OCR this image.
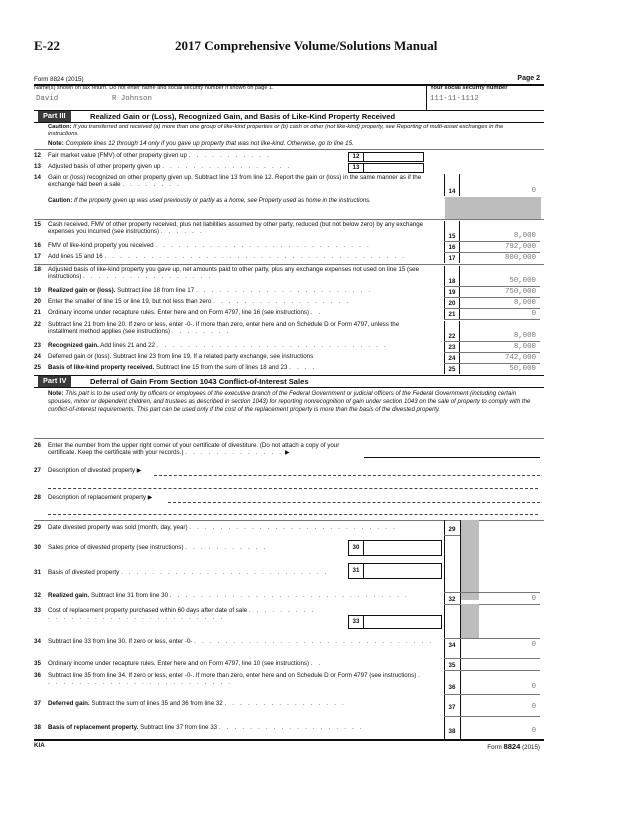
E-22	2017 Comprehensive Volume/Solutions Manual
Form 8824 (2015)	Page 2
Name(s) shown on tax return. Do not enter name and social security number if shown on page 1.	Your social security number
David	R Johnson	111-11-1112
Part III	Realized Gain or (Loss), Recognized Gain, and Basis of Like-Kind Property Received
Caution: If you transferred and received (a) more than one group of like-kind properties or (b) cash or other (not like-kind) property, see Reporting of multi-asset exchanges in the instructions.
Note: Complete lines 12 through 14 only if you gave up property that was not like-kind. Otherwise, go to line 15.
12	Fair market value (FMV) of other property given up . . . . . . . . . . .	12
13	Adjusted basis of other property given up . . . . . . . . . . . . . . . . .	13
14	Gain or (loss) recognized on other property given up. Subtract line 13 from line 12. Report the gain or (loss) in the same manner as if the exchange had been a sale . . . . . . . .
14	0
Caution: If the property given up was used previously or partly as a home, see Property used as home in the instructions.
15	Cash received, FMV of other property received, plus net liabilities assumed by other party, reduced (but not below zero) by any exchange expenses you incurred (see instructions) . . . . . .
15	8,000
16	FMV of like-kind property you received . . . . . . . . . . . . . . . . . . . . . . . . . . . .	16	792,000
17	Add lines 15 and 16 . . . . . . . . . . . . . . . . . . . . . . . . . . . . . . . . . . . . . . .	17	800,000
18	Adjusted basis of like-kind property you gave up, net amounts paid to other party, plus any exchange expenses not used on line 15 (see instructions) . . . . . . . . . . . . . . . . .
18	50,000
19	Realized gain or (loss). Subtract line 18 from line 17 . . . . . . . . . . . . . . . . . . . . . . .	19	750,000
20	Enter the smaller of line 15 or line 19, but not less than zero . . . . . . . . . . . . . . . . . .	20	8,000
21	Ordinary income under recapture rules. Enter here and on Form 4797, line 16 (see instructions) . .	21	0
22	Subtract line 21 from line 20. If zero or less, enter -0-. If more than zero, enter here and on Schedule D or Form 4797, unless the installment method applies (see instructions) . . . . . . . .
22	8,000
23	Recognized gain. Add lines 21 and 22 . . . . . . . . . . . . . . . . . . . . . . . . . . . . . .	23	8,000
24	Deferred gain or (loss). Subtract line 23 from line 19. If a related party exchange, see instructions	24	742,000
25	Basis of like-kind property received. Subtract line 15 from the sum of lines 18 and 23 . . . .	25	50,000
Part IV	Deferral of Gain From Section 1043 Conflict-of-Interest Sales
Note: This part is to be used only by officers or employees of the executive branch of the Federal Government or judicial officers of the Federal Government (including certain spouses, minor or dependent children, and trustees as described in section 1043) for reporting nonrecognition of gain under section 1043 on the sale of property to comply with the conflict-of-interest requirements. This part can be used only if the cost of the replacement property is more than the basis of the divested property.
26	Enter the number from the upper right corner of your certificate of divestiture. (Do not attach a copy of your certificate. Keep the certificate with your records.) . . . . . . . . . . . . . ▶
27	Description of divested property ▶
28	Description of replacement property ▶
29	Date divested property was sold (month, day, year) . . . . . . . . . . . . . . . . . . . . . . . . . . .	29
30	Sales price of divested property (see instructions) . . . . . . . . . . .	30
31	Basis of divested property . . . . . . . . . . . . . . . . . . . . . . . . . . .	31
32	Realized gain. Subtract line 31 from line 30 . . . . . . . . . . . . . . . . . . . . . . . . . . . . . . .
32	0
33	Cost of replacement property purchased within 60 days after date of sale . . . . . . . . . . . . . . . . . . . . . . . . . . . . . . . .
33
34	Subtract line 33 from line 30. If zero or less, enter -0- . . . . . . . . . . . . . . . . . . . . . . . . . . . . . . .
34	0
35	Ordinary income under recapture rules. Enter here and on Form 4797, line 10 (see instructions) . .	35
36	Subtract line 35 from line 34. If zero or less, enter -0-. If more than zero, enter here and on Schedule D or Form 4797 (see instructions) . . . . . . . . . . . . . . . . . . . . . . . . .
36	0
37	Deferred gain. Subtract the sum of lines 35 and 36 from line 32 . . . . . . . . . . . . . . . .
37	0
38	Basis of replacement property. Subtract line 37 from line 33 . . . . . . . . . . . . . . . . . . .
38	0
KIA	Form 8824 (2015)
